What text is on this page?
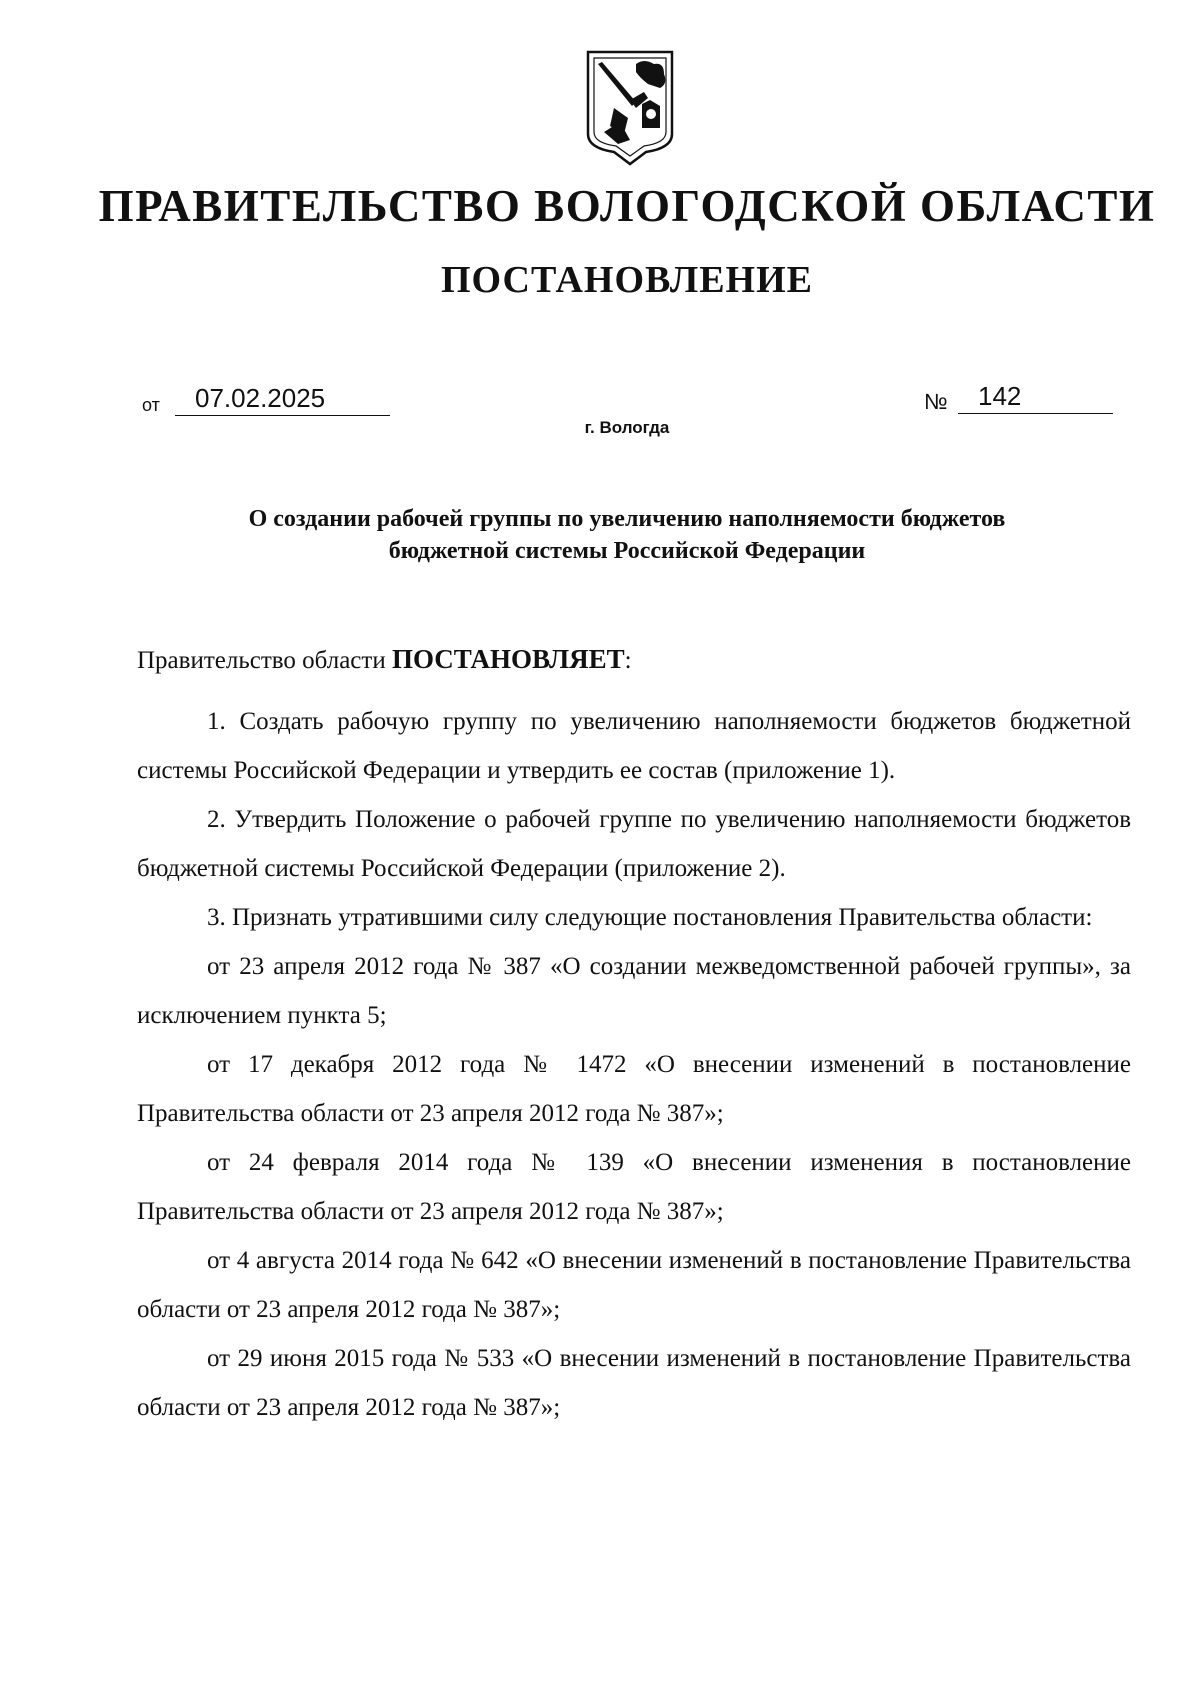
ПРАВИТЕЛЬСТВО ВОЛОГОДСКОЙ ОБЛАСТИ
ПОСТАНОВЛЕНИЕ
от 07.02.2025	№ 142
г. Вологда
О создании рабочей группы по увеличению наполняемости бюджетов
бюджетной системы Российской Федерации

Правительство области ПОСТАНОВЛЯЕТ:

1. Создать рабочую группу по увеличению наполняемости бюджетов бюджетной системы Российской Федерации и утвердить ее состав (приложение 1).

2. Утвердить Положение о рабочей группе по увеличению наполняемости бюджетов бюджетной системы Российской Федерации (приложение 2).

3. Признать утратившими силу следующие постановления Правительства области:

от 23 апреля 2012 года № 387 «О создании межведомственной рабочей группы», за исключением пункта 5;

от 17 декабря 2012 года № 1472 «О внесении изменений в постановление Правительства области от 23 апреля 2012 года № 387»;

от 24 февраля 2014 года № 139 «О внесении изменения в постановление Правительства области от 23 апреля 2012 года № 387»;

от 4 августа 2014 года № 642 «О внесении изменений в постановление Правительства области от 23 апреля 2012 года № 387»;

от 29 июня 2015 года № 533 «О внесении изменений в постановление Правительства области от 23 апреля 2012 года № 387»;
